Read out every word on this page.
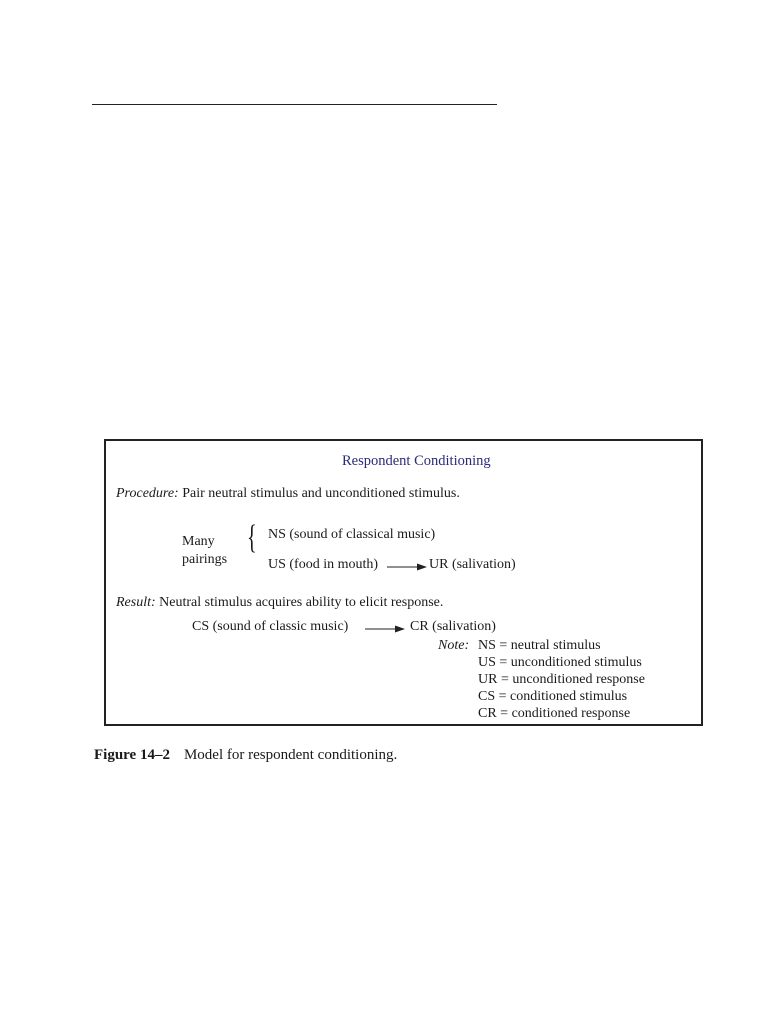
Respondent Conditioning
Procedure: Pair neutral stimulus and unconditioned stimulus.
Many
pairings
{ NS (sound of classical music)
US (food in mouth)	UR (salivation)
Result: Neutral stimulus acquires ability to elicit response.
CS (sound of classic music)	CR (salivation)
Note: NS = neutral stimulus
US = unconditioned stimulus
UR = unconditioned response
CS = conditioned stimulus
CR = conditioned response
Figure 14–2 Model for respondent conditioning.
